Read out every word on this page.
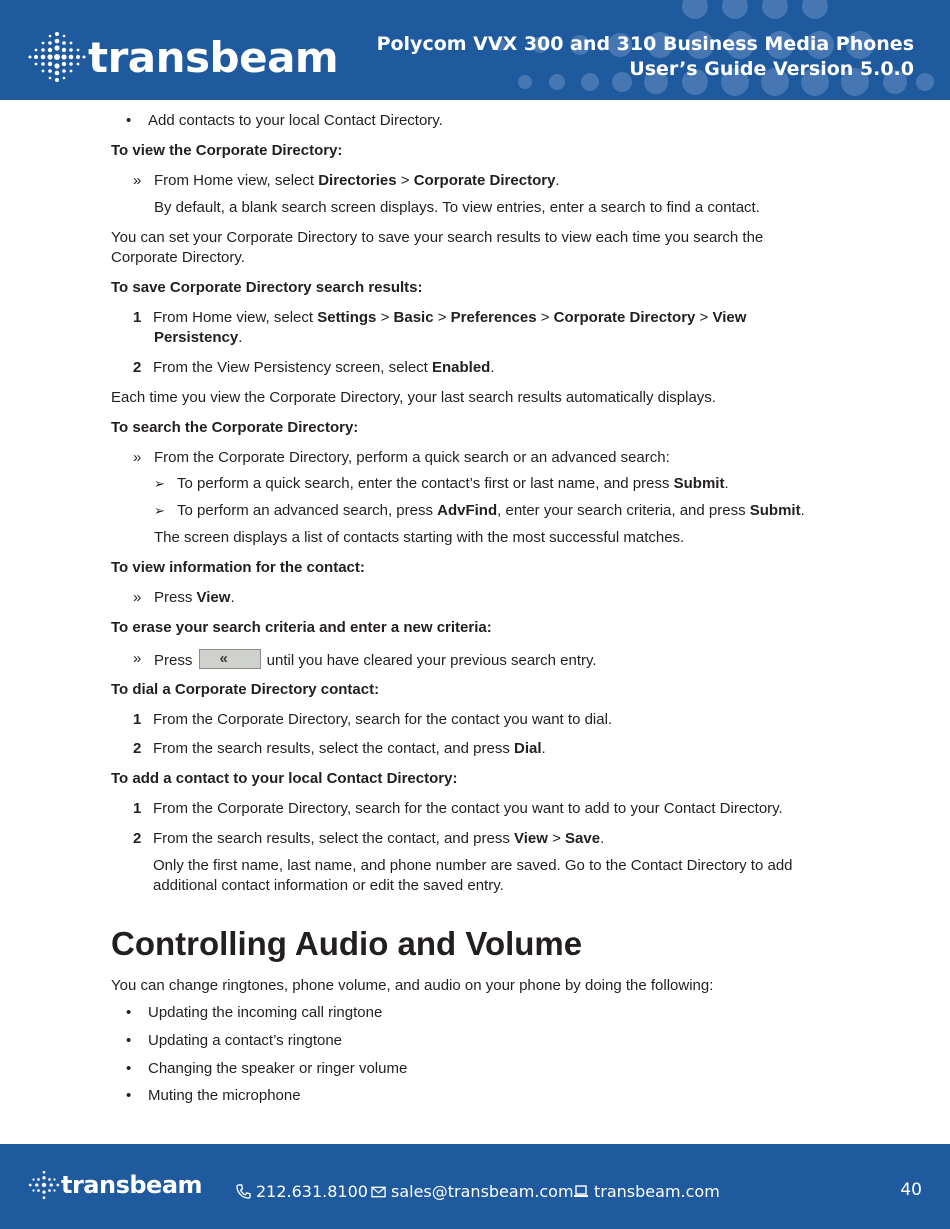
transbeam Polycom VVX 300 and 310 Business Media Phones
User’s Guide Version 5.0.0
• Add contacts to your local Contact Directory.
To view the Corporate Directory:
» From Home view, select Directories > Corporate Directory.
By default, a blank search screen displays. To view entries, enter a search to find a contact.
You can set your Corporate Directory to save your search results to view each time you search the
Corporate Directory.
To save Corporate Directory search results:
1 From Home view, select Settings > Basic > Preferences > Corporate Directory > View
Persistency.
2 From the View Persistency screen, select Enabled.
Each time you view the Corporate Directory, your last search results automatically displays.
To search the Corporate Directory:
» From the Corporate Directory, perform a quick search or an advanced search:
➢ To perform a quick search, enter the contact’s first or last name, and press Submit.
➢ To perform an advanced search, press AdvFind, enter your search criteria, and press Submit.
The screen displays a list of contacts starting with the most successful matches.
To view information for the contact:
» Press View.
To erase your search criteria and enter a new criteria:
» Press « until you have cleared your previous search entry.
To dial a Corporate Directory contact:
1 From the Corporate Directory, search for the contact you want to dial.
2 From the search results, select the contact, and press Dial.
To add a contact to your local Contact Directory:
1 From the Corporate Directory, search for the contact you want to add to your Contact Directory.
2 From the search results, select the contact, and press View > Save.
Only the first name, last name, and phone number are saved. Go to the Contact Directory to add
additional contact information or edit the saved entry.
Controlling Audio and Volume
You can change ringtones, phone volume, and audio on your phone by doing the following:
• Updating the incoming call ringtone
• Updating a contact’s ringtone
• Changing the speaker or ringer volume
• Muting the microphone
transbeam	212.631.8100 sales@transbeam.com transbeam.com	40
